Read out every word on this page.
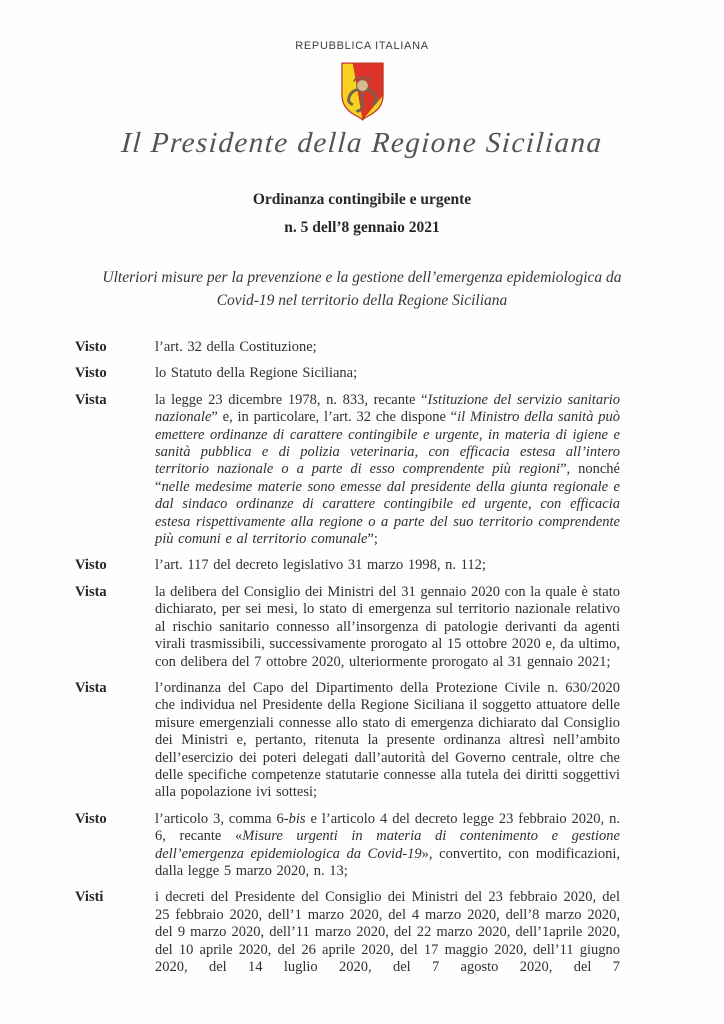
REPUBBLICA ITALIANA
Il Presidente della Regione Siciliana
Ordinanza contingibile e urgente
n. 5 dell’8 gennaio 2021
Ulteriori misure per la prevenzione e la gestione dell’emergenza epidemiologica da
Covid-19 nel territorio della Regione Siciliana
Visto	l’art. 32 della Costituzione;
Visto	lo Statuto della Regione Siciliana;
Vista	la legge 23 dicembre 1978, n. 833, recante “Istituzione del servizio sanitario nazionale” e, in particolare, l’art. 32 che dispone “il Ministro della sanità può emettere ordinanze di carattere contingibile e urgente, in materia di igiene e sanità pubblica e di polizia veterinaria, con efficacia estesa all’intero territorio nazionale o a parte di esso comprendente più regioni”, nonché “nelle medesime materie sono emesse dal presidente della giunta regionale e dal sindaco ordinanze di carattere contingibile ed urgente, con efficacia estesa rispettivamente alla regione o a parte del suo territorio comprendente più comuni e al territorio comunale”;
Visto	l’art. 117 del decreto legislativo 31 marzo 1998, n. 112;
Vista	la delibera del Consiglio dei Ministri del 31 gennaio 2020 con la quale è stato dichiarato, per sei mesi, lo stato di emergenza sul territorio nazionale relativo al rischio sanitario connesso all’insorgenza di patologie derivanti da agenti virali trasmissibili, successivamente prorogato al 15 ottobre 2020 e, da ultimo, con delibera del 7 ottobre 2020, ulteriormente prorogato al 31 gennaio 2021;
Vista	l’ordinanza del Capo del Dipartimento della Protezione Civile n. 630/2020 che individua nel Presidente della Regione Siciliana il soggetto attuatore delle misure emergenziali connesse allo stato di emergenza dichiarato dal Consiglio dei Ministri e, pertanto, ritenuta la presente ordinanza altresì nell’ambito dell’esercizio dei poteri delegati dall’autorità del Governo centrale, oltre che delle specifiche competenze statutarie connesse alla tutela dei diritti soggettivi alla popolazione ivi sottesi;
Visto	l’articolo 3, comma 6-bis e l’articolo 4 del decreto legge 23 febbraio 2020, n. 6, recante «Misure urgenti in materia di contenimento e gestione dell’emergenza epidemiologica da Covid-19», convertito, con modificazioni, dalla legge 5 marzo 2020, n. 13;
Visti	i decreti del Presidente del Consiglio dei Ministri del 23 febbraio 2020, del 25 febbraio 2020, dell’1 marzo 2020, del 4 marzo 2020, dell’8 marzo 2020, del 9 marzo 2020, dell’11 marzo 2020, del 22 marzo 2020, dell’1aprile 2020, del 10 aprile 2020, del 26 aprile 2020, del 17 maggio 2020, dell’11 giugno 2020, del 14 luglio 2020, del 7 agosto 2020, del 7
